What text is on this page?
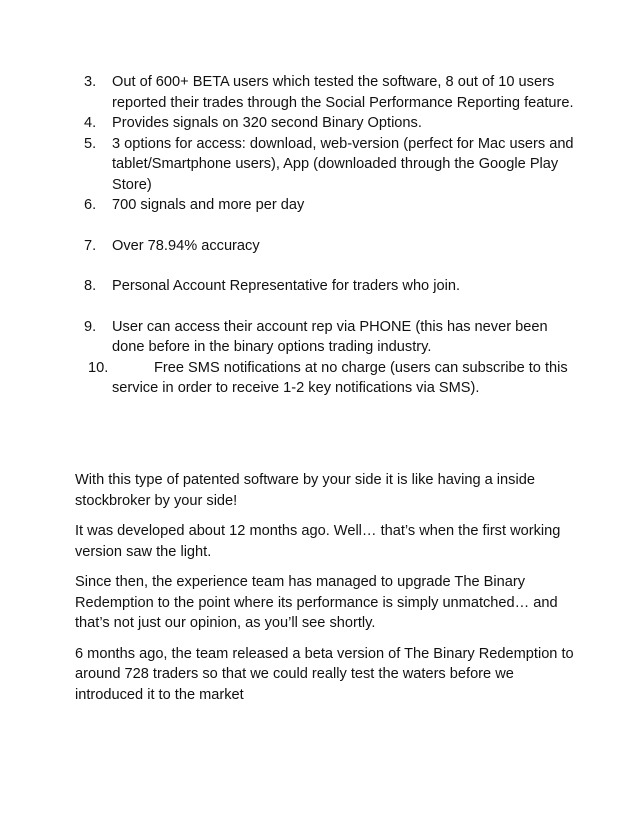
3. Out of 600+ BETA users which tested the software, 8 out of 10 users reported their trades through the Social Performance Reporting feature.
4. Provides signals on 320 second Binary Options.
5. 3 options for access: download, web-version (perfect for Mac users and tablet/Smartphone users), App (downloaded through the Google Play Store)
6. 700 signals and more per day
7. Over 78.94% accuracy
8. Personal Account Representative for traders who join.
9. User can access their account rep via PHONE (this has never been done before in the binary options trading industry.
10.	Free SMS notifications at no charge (users can subscribe to this service in order to receive 1-2 key notifications via SMS).

With this type of patented software by your side it is like having a inside stockbroker by your side!

It was developed about 12 months ago. Well… that’s when the first working version saw the light.

Since then, the experience team has managed to upgrade The Binary Redemption to the point where its performance is simply unmatched… and that’s not just our opinion, as you’ll see shortly.

6 months ago, the team released a beta version of The Binary Redemption to around 728 traders so that we could really test the waters before we introduced it to the market
